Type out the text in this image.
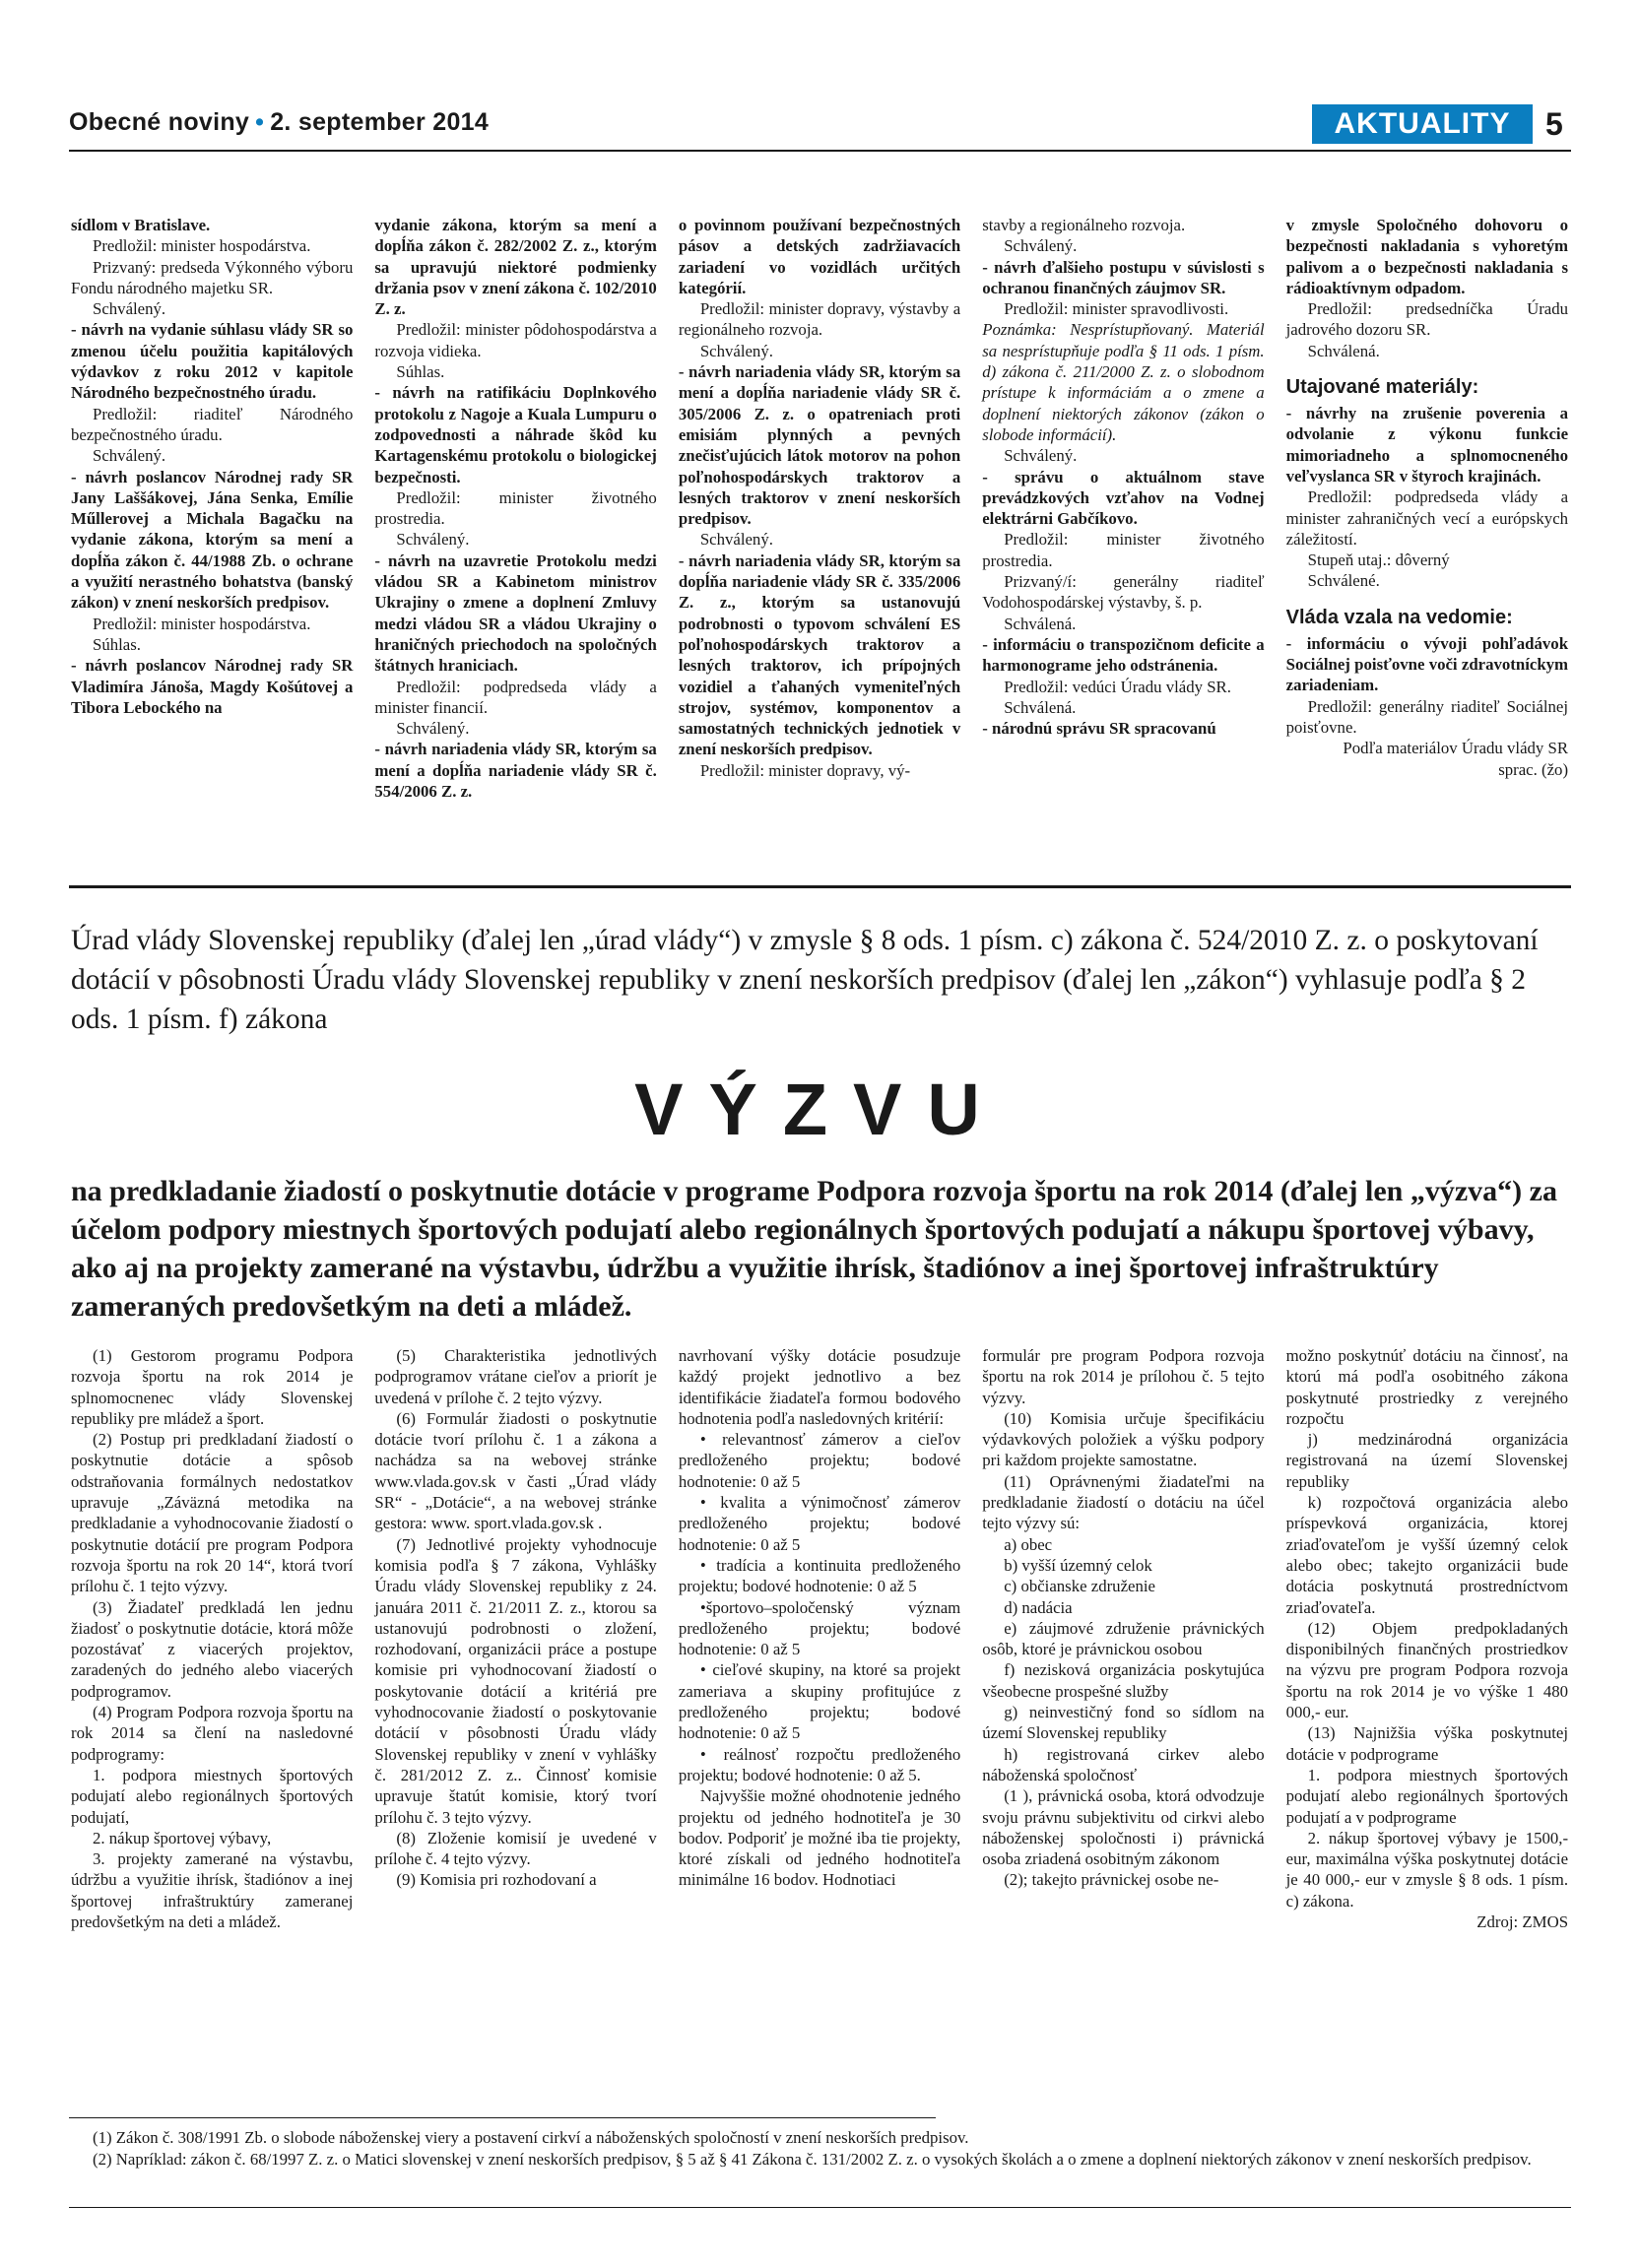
Obecné noviny • 2. september 2014	AKTUALITY	5

sídlom v Bratislave.

Predložil: minister hospodárstva.

Prizvaný: predseda Výkonného výboru Fondu národného majetku SR.

Schválený.

- návrh na vydanie súhlasu vlády SR so zmenou účelu použitia kapitálových výdavkov z roku 2012 v kapitole Národného bezpečnostného úradu.

Predložil: riaditeľ Národného bezpečnostného úradu.

Schválený.

- návrh poslancov Národnej rady SR Jany Laššákovej, Jána Senka, Emílie Műllerovej a Michala Bagačku na vydanie zákona, ktorým sa mení a dopĺňa zákon č. 44/1988 Zb. o ochrane a využití nerastného bohatstva (banský zákon) v znení neskorších predpisov.

Predložil: minister hospodárstva.

Súhlas.

- návrh poslancov Národnej rady SR Vladimíra Jánoša, Magdy Košútovej a Tibora Lebockého na

vydanie zákona, ktorým sa mení a dopĺňa zákon č. 282/2002 Z. z., ktorým sa upravujú niektoré podmienky držania psov v znení zákona č. 102/2010 Z. z.

Predložil: minister pôdohospodárstva a rozvoja vidieka.

Súhlas.

- návrh na ratifikáciu Doplnkového protokolu z Nagoje a Kuala Lumpuru o zodpovednosti a náhrade škôd ku Kartagenskému protokolu o biologickej bezpečnosti.

Predložil: minister životného prostredia.

Schválený.

- návrh na uzavretie Protokolu medzi vládou SR a Kabinetom ministrov Ukrajiny o zmene a doplnení Zmluvy medzi vládou SR a vládou Ukrajiny o hraničných priechodoch na spoločných štátnych hraniciach.

Predložil: podpredseda vlády a minister financií.

Schválený.

- návrh nariadenia vlády SR, ktorým sa mení a dopĺňa nariadenie vlády SR č. 554/2006 Z. z.

o povinnom používaní bezpečnostných pásov a detských zadržiavacích zariadení vo vozidlách určitých kategórií.

Predložil: minister dopravy, výstavby a regionálneho rozvoja.

Schválený.

- návrh nariadenia vlády SR, ktorým sa mení a dopĺňa nariadenie vlády SR č. 305/2006 Z. z. o opatreniach proti emisiám plynných a pevných znečisťujúcich látok motorov na pohon poľnohospodárskych traktorov a lesných traktorov v znení neskorších predpisov.

Schválený.

- návrh nariadenia vlády SR, ktorým sa dopĺňa nariadenie vlády SR č. 335/2006 Z. z., ktorým sa ustanovujú podrobnosti o typovom schválení ES poľnohospodárskych traktorov a lesných traktorov, ich prípojných vozidiel a ťahaných vymeniteľných strojov, systémov, komponentov a samostatných technických jednotiek v znení neskorších predpisov.

Predložil: minister dopravy, vý-

stavby a regionálneho rozvoja.

Schválený.

- návrh ďalšieho postupu v súvislosti s ochranou finančných záujmov SR.

Predložil: minister spravodlivosti.

Poznámka: Nesprístupňovaný. Materiál sa nesprístupňuje podľa § 11 ods. 1 písm. d) zákona č. 211/2000 Z. z. o slobodnom prístupe k informáciám a o zmene a doplnení niektorých zákonov (zákon o slobode informácií).

Schválený.

- správu o aktuálnom stave prevádzkových vzťahov na Vodnej elektrárni Gabčíkovo.

Predložil: minister životného prostredia.

Prizvaný/í: generálny riaditeľ Vodohospodárskej výstavby, š. p.

Schválená.

- informáciu o transpozičnom deficite a harmonograme jeho odstránenia.

Predložil: vedúci Úradu vlády SR.

Schválená.

- národnú správu SR spracovanú

v zmysle Spoločného dohovoru o bezpečnosti nakladania s vyhoretým palivom a o bezpečnosti nakladania s rádioaktívnym odpadom.

Predložil: predsedníčka Úradu jadrového dozoru SR.

Schválená.

Utajované materiály:

- návrhy na zrušenie poverenia a odvolanie z výkonu funkcie mimoriadneho a splnomocneného veľvyslanca SR v štyroch krajinách.

Predložil: podpredseda vlády a minister zahraničných vecí a európskych záležitostí.

Stupeň utaj.: dôverný

Schválené.

Vláda vzala na vedomie:

- informáciu o vývoji pohľadávok Sociálnej poisťovne voči zdravotníckym zariadeniam.

Predložil: generálny riaditeľ Sociálnej poisťovne.

Podľa materiálov Úradu vlády SR sprac. (žo)

Úrad vlády Slovenskej republiky (ďalej len „úrad vlády“) v zmysle § 8 ods. 1 písm. c) zákona č. 524/2010 Z. z. o poskytovaní dotácií v pôsobnosti Úradu vlády Slovenskej republiky v znení neskorších predpisov (ďalej len „zákon“) vyhlasuje podľa § 2 ods. 1 písm. f) zákona
VÝZVU
na predkladanie žiadostí o poskytnutie dotácie v programe Podpora rozvoja športu na rok 2014 (ďalej len „výzva“) za účelom podpory miestnych športových podujatí alebo regionálnych športových podujatí a nákupu športovej výbavy, ako aj na projekty zamerané na výstavbu, údržbu a využitie ihrísk, štadiónov a inej športovej infraštruktúry zameraných predovšetkým na deti a mládež.

(1) Gestorom programu Podpora rozvoja športu na rok 2014 je splnomocnenec vlády Slovenskej republiky pre mládež a šport.

(2) Postup pri predkladaní žiadostí o poskytnutie dotácie a spôsob odstraňovania formálnych nedostatkov upravuje „Záväzná metodika na predkladanie a vyhodnocovanie žiadostí o poskytnutie dotácií pre program Podpora rozvoja športu na rok 20 14“, ktorá tvorí prílohu č. 1 tejto výzvy.

(3) Žiadateľ predkladá len jednu žiadosť o poskytnutie dotácie, ktorá môže pozostávať z viacerých projektov, zaradených do jedného alebo viacerých podprogramov.

(4) Program Podpora rozvoja športu na rok 2014 sa člení na nasledovné podprogramy:

1. podpora miestnych športových podujatí alebo regionálnych športových podujatí,

2. nákup športovej výbavy,

3. projekty zamerané na výstavbu, údržbu a využitie ihrísk, štadiónov a inej športovej infraštruktúry zameranej predovšetkým na deti a mládež.

(5) Charakteristika jednotlivých podprogramov vrátane cieľov a priorít je uvedená v prílohe č. 2 tejto výzvy.

(6) Formulár žiadosti o poskytnutie dotácie tvorí prílohu č. 1 a zákona a nachádza sa na webovej stránke www.vlada.gov.sk v časti „Úrad vlády SR“ - „Dotácie“, a na webovej stránke gestora: www. sport.vlada.gov.sk .

(7) Jednotlivé projekty vyhodnocuje komisia podľa § 7 zákona, Vyhlášky Úradu vlády Slovenskej republiky z 24. januára 2011 č. 21/2011 Z. z., ktorou sa ustanovujú podrobnosti o zložení, rozhodovaní, organizácii práce a postupe komisie pri vyhodnocovaní žiadostí o poskytovanie dotácií a kritériá pre vyhodnocovanie žiadostí o poskytovanie dotácií v pôsobnosti Úradu vlády Slovenskej republiky v znení v vyhlášky č. 281/2012 Z. z.. Činnosť komisie upravuje štatút komisie, ktorý tvorí prílohu č. 3 tejto výzvy.

(8) Zloženie komisií je uvedené v prílohe č. 4 tejto výzvy.

(9) Komisia pri rozhodovaní a

navrhovaní výšky dotácie posudzuje každý projekt jednotlivo a bez identifikácie žiadateľa formou bodového hodnotenia podľa nasledovných kritérií:

• relevantnosť zámerov a cieľov predloženého projektu; bodové hodnotenie: 0 až 5

• kvalita a výnimočnosť zámerov predloženého projektu; bodové hodnotenie: 0 až 5

• tradícia a kontinuita predloženého projektu; bodové hodnotenie: 0 až 5

•športovo–spoločenský význam predloženého projektu; bodové hodnotenie: 0 až 5

• cieľové skupiny, na ktoré sa projekt zameriava a skupiny profitujúce z predloženého projektu; bodové hodnotenie: 0 až 5

• reálnosť rozpočtu predloženého projektu; bodové hodnotenie: 0 až 5.

Najvyššie možné ohodnotenie jedného projektu od jedného hodnotiteľa je 30 bodov. Podporiť je možné iba tie projekty, ktoré získali od jedného hodnotiteľa minimálne 16 bodov. Hodnotiaci

formulár pre program Podpora rozvoja športu na rok 2014 je prílohou č. 5 tejto výzvy.

(10) Komisia určuje špecifikáciu výdavkových položiek a výšku podpory pri každom projekte samostatne.

(11) Oprávnenými žiadateľmi na predkladanie žiadostí o dotáciu na účel tejto výzvy sú:

a) obec

b) vyšší územný celok

c) občianske združenie

d) nadácia

e) záujmové združenie právnických osôb, ktoré je právnickou osobou

f) nezisková organizácia poskytujúca všeobecne prospešné služby

g) neinvestičný fond so sídlom na území Slovenskej republiky

h) registrovaná cirkev alebo náboženská spoločnosť

(1 ), právnická osoba, ktorá odvodzuje svoju právnu subjektivitu od cirkvi alebo náboženskej spoločnosti i) právnická osoba zriadená osobitným zákonom

(2); takejto právnickej osobe ne-

možno poskytnúť dotáciu na činnosť, na ktorú má podľa osobitného zákona poskytnuté prostriedky z verejného rozpočtu

j) medzinárodná organizácia registrovaná na území Slovenskej republiky

k) rozpočtová organizácia alebo príspevková organizácia, ktorej zriaďovateľom je vyšší územný celok alebo obec; takejto organizácii bude dotácia poskytnutá prostredníctvom zriaďovateľa.

(12) Objem predpokladaných disponibilných finančných prostriedkov na výzvu pre program Podpora rozvoja športu na rok 2014 je vo výške 1 480 000,- eur.

(13) Najnižšia výška poskytnutej dotácie v podprograme

1. podpora miestnych športových podujatí alebo regionálnych športových podujatí a v podprograme

2. nákup športovej výbavy je 1500,- eur, maximálna výška poskytnutej dotácie je 40 000,- eur v zmysle § 8 ods. 1 písm. c) zákona.

Zdroj: ZMOS

(1) Zákon č. 308/1991 Zb. o slobode náboženskej viery a postavení cirkví a náboženských spoločností v znení neskorších predpisov.

(2) Napríklad: zákon č. 68/1997 Z. z. o Matici slovenskej v znení neskorších predpisov, § 5 až § 41 Zákona č. 131/2002 Z. z. o vysokých školách a o zmene a doplnení niektorých zákonov v znení neskorších predpisov.
